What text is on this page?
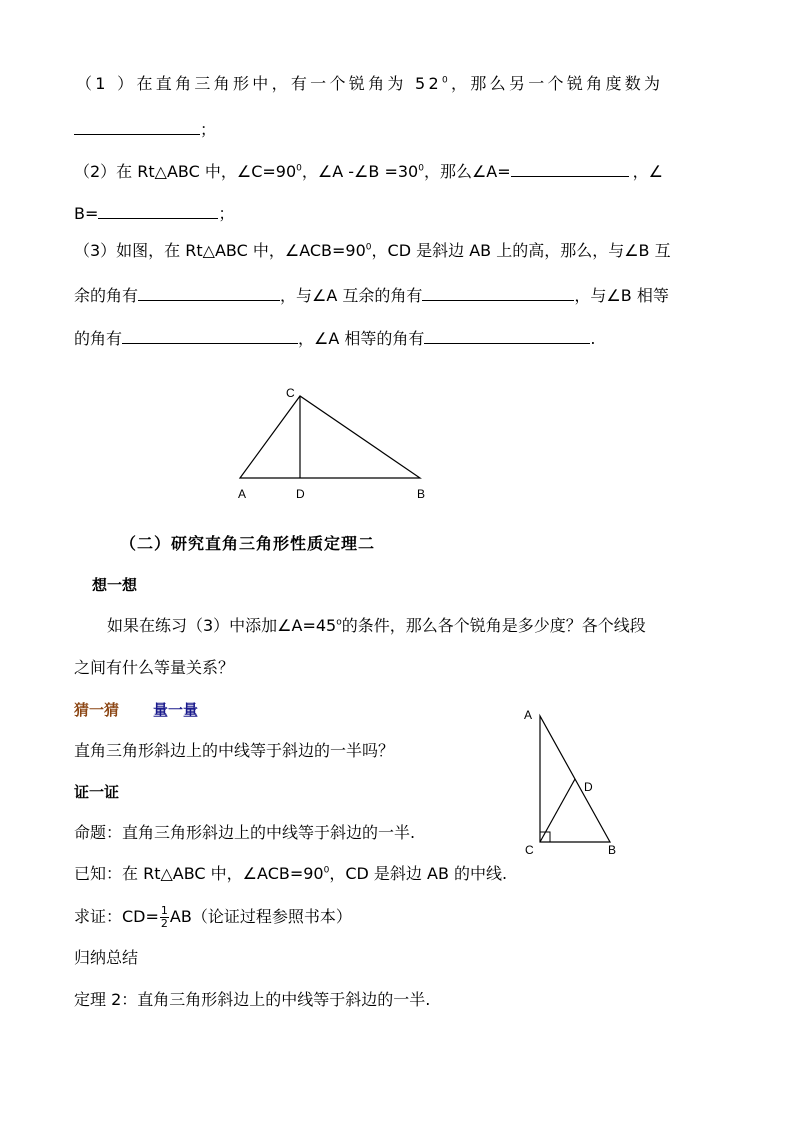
（1 ）在直角三角形中，有一个锐角为 $52^0$，那么另一个锐角度数为
；
（2）在 Rt△ABC 中，$\angle C=90^0$，∠A -∠B $=30^0$，那么∠A=	，∠
B=	；
（3）如图，在 Rt△ABC 中，$\angle ACB=90^0$，CD 是斜边 AB 上的高，那么，与∠B 互
余的角有	，与∠A 互余的角有	，与∠B 相等
的角有	，∠A 相等的角有	.
C
A	D	B
（二）研究直角三角形性质定理二
想一想
如果在练习（3）中添加$\angle A=45^o$的条件，那么各个锐角是多少度？各个线段
之间有什么等量关系？
猜一猜 量一量
直角三角形斜边上的中线等于斜边的一半吗？
证一证
命题：直角三角形斜边上的中线等于斜边的一半.
已知：在 Rt△ABC 中，$\angle ACB=90^0$，CD 是斜边 AB 的中线.
求证：$CD= \frac{1}{2} AB$（论证过程参照书本）
归纳总结
定理 2：直角三角形斜边上的中线等于斜边的一半.
A
D
C	B
